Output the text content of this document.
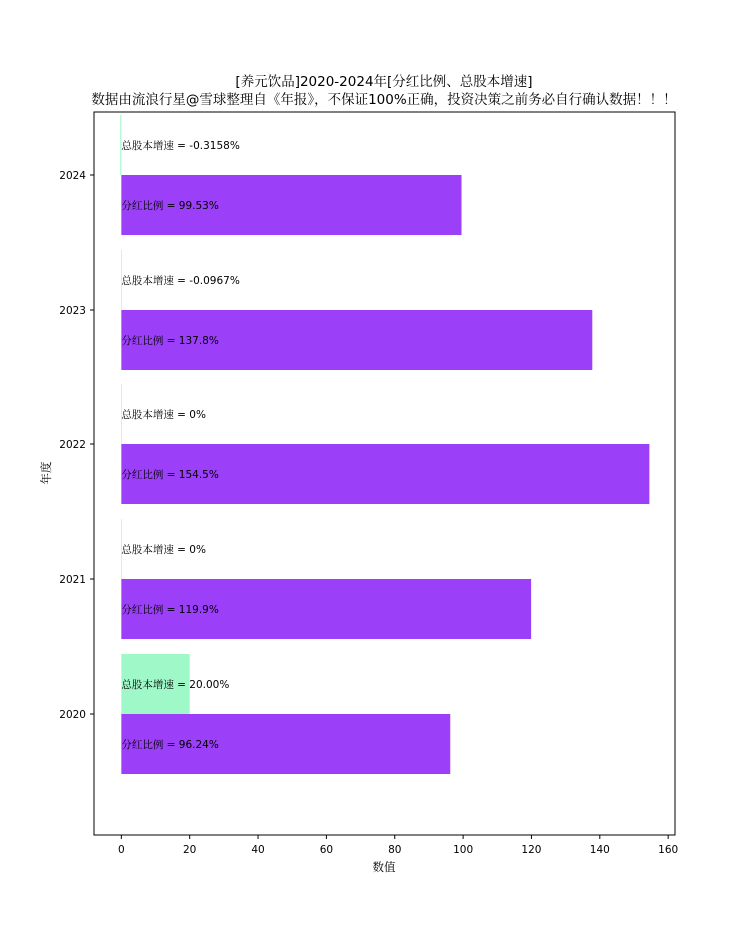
[养元饮品]2020-2024年[分红比例、总股本增速]
数据由流浪行星@雪球整理自《年报》，不保证100%正确，投资决策之前务必自行确认数据！！！
分红比例 = 96.24%
分红比例 = 119.9%
分红比例 = 154.5%
分红比例 = 137.8%
分红比例 = 99.53%
总股本增速 = 20.00%
总股本增速 = 0%
总股本增速 = 0%
总股本增速 = -0.0967%
总股本增速 = -0.3158%
0	20	40	60	80	100	120	140	160
2020
2021
2022
2023
2024
数值
年度
